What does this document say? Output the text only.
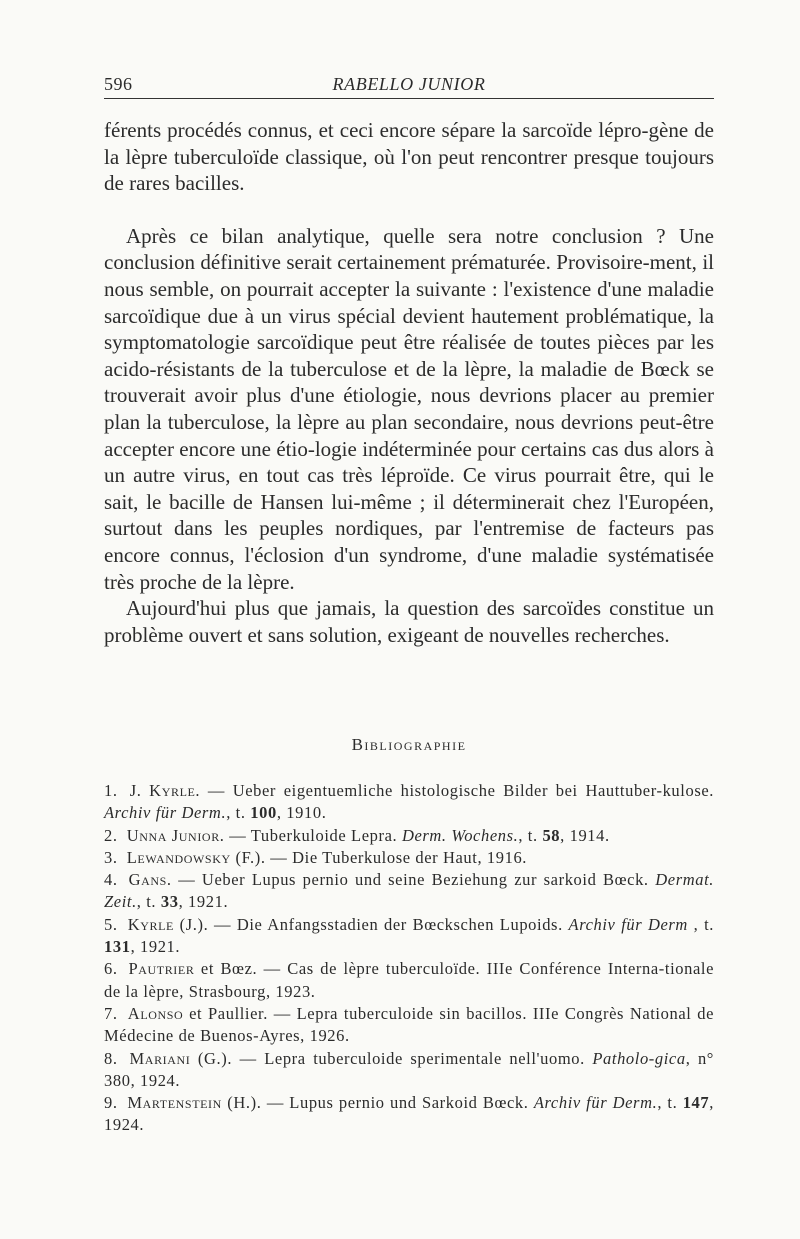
596	RABELLO JUNIOR

férents procédés connus, et ceci encore sépare la sarcoïde lépro-gène de la lèpre tuberculoïde classique, où l'on peut rencontrer presque toujours de rares bacilles.

Après ce bilan analytique, quelle sera notre conclusion ? Une conclusion définitive serait certainement prématurée. Provisoire-ment, il nous semble, on pourrait accepter la suivante : l'existence d'une maladie sarcoïdique due à un virus spécial devient hautement problématique, la symptomatologie sarcoïdique peut être réalisée de toutes pièces par les acido-résistants de la tuberculose et de la lèpre, la maladie de Bœck se trouverait avoir plus d'une étiologie, nous devrions placer au premier plan la tuberculose, la lèpre au plan secondaire, nous devrions peut-être accepter encore une étio-logie indéterminée pour certains cas dus alors à un autre virus, en tout cas très léproïde. Ce virus pourrait être, qui le sait, le bacille de Hansen lui-même ; il déterminerait chez l'Européen, surtout dans les peuples nordiques, par l'entremise de facteurs pas encore connus, l'éclosion d'un syndrome, d'une maladie systématisée très proche de la lèpre.

Aujourd'hui plus que jamais, la question des sarcoïdes constitue un problème ouvert et sans solution, exigeant de nouvelles recherches.

Bibliographie
1. J. Kyrle. — Ueber eigentuemliche histologische Bilder bei Hauttuber-kulose. Archiv für Derm., t. 100, 1910.
2. Unna Junior. — Tuberkuloide Lepra. Derm. Wochens., t. 58, 1914.
3. Lewandowsky (F.). — Die Tuberkulose der Haut, 1916.
4. Gans. — Ueber Lupus pernio und seine Beziehung zur sarkoid Bœck. Dermat. Zeit., t. 33, 1921.
5. Kyrle (J.). — Die Anfangsstadien der Bœckschen Lupoids. Archiv für Derm , t. 131, 1921.
6. Pautrier et Bœz. — Cas de lèpre tuberculoïde. IIIe Conférence Interna-tionale de la lèpre, Strasbourg, 1923.
7. Alonso et Paullier. — Lepra tuberculoide sin bacillos. IIIe Congrès National de Médecine de Buenos-Ayres, 1926.
8. Mariani (G.). — Lepra tuberculoide sperimentale nell'uomo. Patholo-gica, n° 380, 1924.
9. Martenstein (H.). — Lupus pernio und Sarkoid Bœck. Archiv für Derm., t. 147, 1924.
